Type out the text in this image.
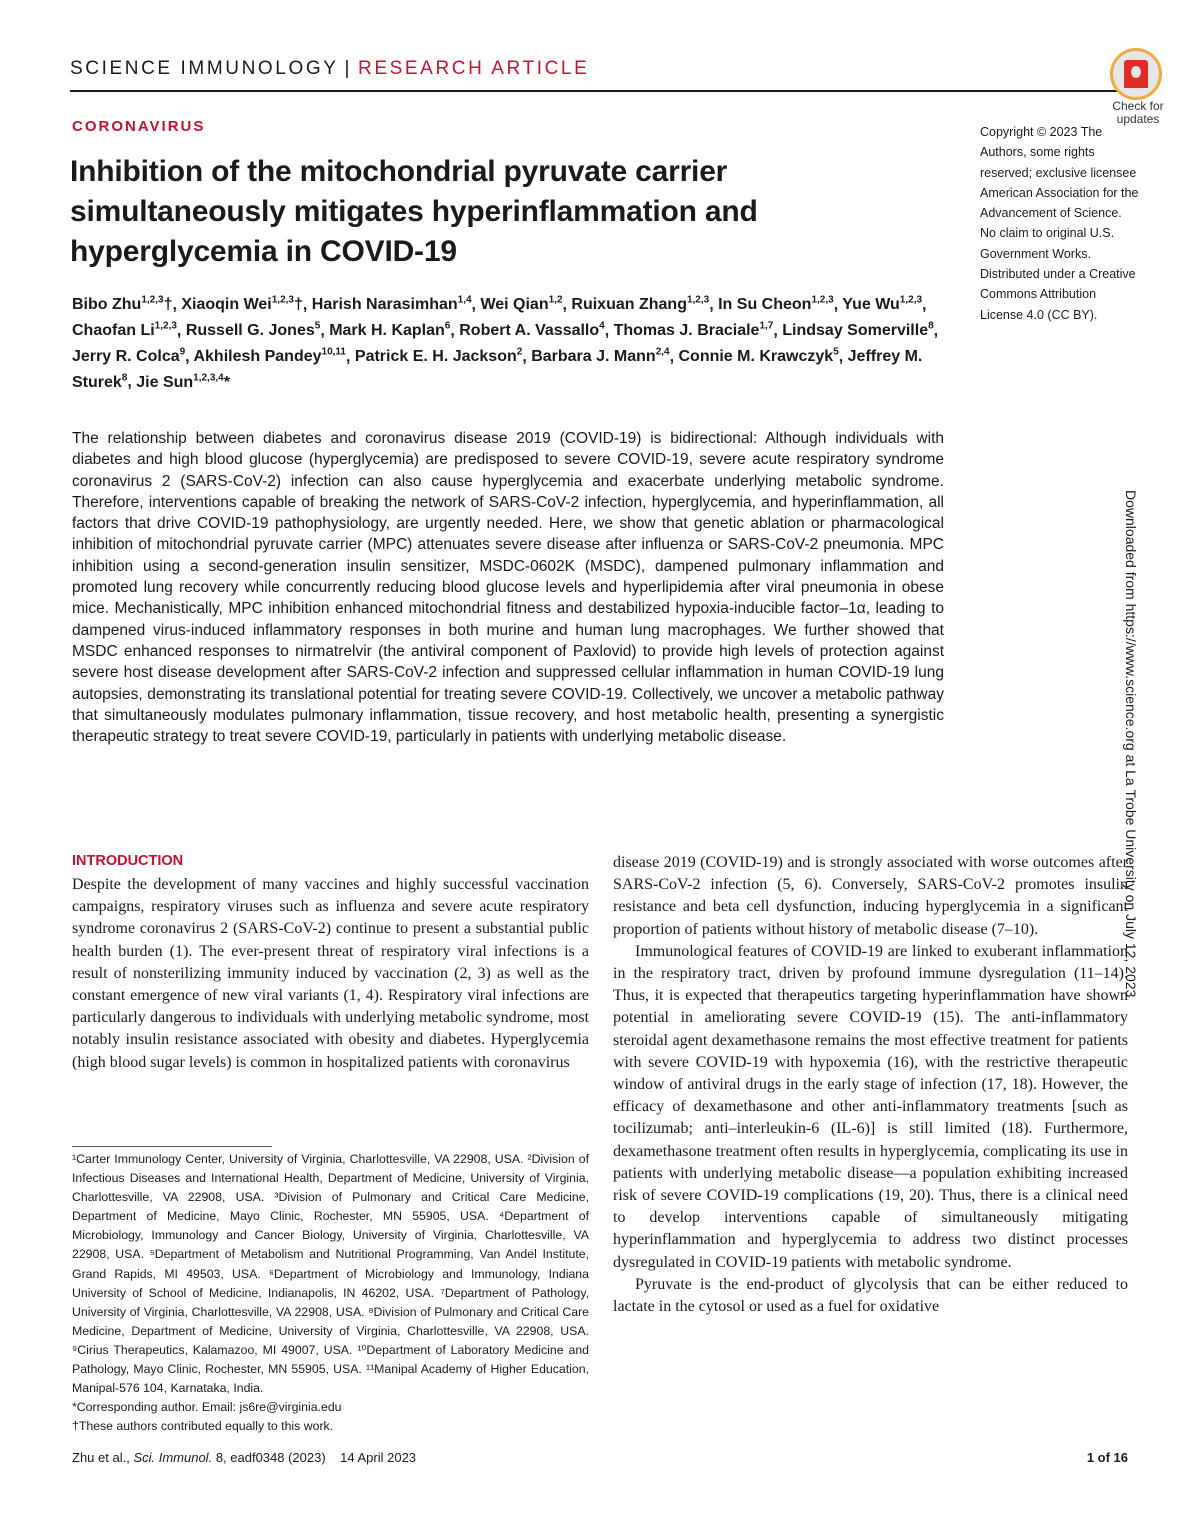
SCIENCE IMMUNOLOGY | RESEARCH ARTICLE
Check for
updates
CORONAVIRUS
Inhibition of the mitochondrial pyruvate carrier simultaneously mitigates hyperinflammation and hyperglycemia in COVID-19
Bibo Zhu$^{1,2,3}$†, Xiaoqin Wei$^{1,2,3}$†, Harish Narasimhan$^{1,4}$, Wei Qian$^{1,2}$, Ruixuan Zhang$^{1,2,3}$, In Su Cheon$^{1,2,3}$, Yue Wu$^{1,2,3}$, Chaofan Li$^{1,2,3}$, Russell G. Jones$^5$, Mark H. Kaplan$^6$, Robert A. Vassallo$^4$, Thomas J. Braciale$^{1,7}$, Lindsay Somerville$^8$, Jerry R. Colca$^9$, Akhilesh Pandey$^{10,11}$, Patrick E. H. Jackson$^2$, Barbara J. Mann$^{2,4}$, Connie M. Krawczyk$^5$, Jeffrey M. Sturek$^8$, Jie Sun$^{1,2,3,4}$*
Copyright © 2023 The Authors, some rights reserved; exclusive licensee American Association for the Advancement of Science. No claim to original U.S. Government Works. Distributed under a Creative Commons Attribution License 4.0 (CC BY).
The relationship between diabetes and coronavirus disease 2019 (COVID-19) is bidirectional: Although individuals with diabetes and high blood glucose (hyperglycemia) are predisposed to severe COVID-19, severe acute respiratory syndrome coronavirus 2 (SARS-CoV-2) infection can also cause hyperglycemia and exacerbate underlying metabolic syndrome. Therefore, interventions capable of breaking the network of SARS-CoV-2 infection, hyperglycemia, and hyperinflammation, all factors that drive COVID-19 pathophysiology, are urgently needed. Here, we show that genetic ablation or pharmacological inhibition of mitochondrial pyruvate carrier (MPC) attenuates severe disease after influenza or SARS-CoV-2 pneumonia. MPC inhibition using a second-generation insulin sensitizer, MSDC-0602K (MSDC), dampened pulmonary inflammation and promoted lung recovery while concurrently reducing blood glucose levels and hyperlipidemia after viral pneumonia in obese mice. Mechanistically, MPC inhibition enhanced mitochondrial fitness and destabilized hypoxia-inducible factor–1α, leading to dampened virus-induced inflammatory responses in both murine and human lung macrophages. We further showed that MSDC enhanced responses to nirmatrelvir (the antiviral component of Paxlovid) to provide high levels of protection against severe host disease development after SARS-CoV-2 infection and suppressed cellular inflammation in human COVID-19 lung autopsies, demonstrating its translational potential for treating severe COVID-19. Collectively, we uncover a metabolic pathway that simultaneously modulates pulmonary inflammation, tissue recovery, and host metabolic health, presenting a synergistic therapeutic strategy to treat severe COVID-19, particularly in patients with underlying metabolic disease.	Downloaded from https://www.science.org at La Trobe University on July 12, 2023
INTRODUCTION
Despite the development of many vaccines and highly successful vaccination campaigns, respiratory viruses such as influenza and severe acute respiratory syndrome coronavirus 2 (SARS-CoV-2) continue to present a substantial public health burden (1). The ever-present threat of respiratory viral infections is a result of nonsterilizing immunity induced by vaccination (2, 3) as well as the constant emergence of new viral variants (1, 4). Respiratory viral infections are particularly dangerous to individuals with underlying metabolic syndrome, most notably insulin resistance associated with obesity and diabetes. Hyperglycemia (high blood sugar levels) is common in hospitalized patients with coronavirus

¹Carter Immunology Center, University of Virginia, Charlottesville, VA 22908, USA. ²Division of Infectious Diseases and International Health, Department of Medicine, University of Virginia, Charlottesville, VA 22908, USA. ³Division of Pulmonary and Critical Care Medicine, Department of Medicine, Mayo Clinic, Rochester, MN 55905, USA. ⁴Department of Microbiology, Immunology and Cancer Biology, University of Virginia, Charlottesville, VA 22908, USA. ⁵Department of Metabolism and Nutritional Programming, Van Andel Institute, Grand Rapids, MI 49503, USA. ⁶Department of Microbiology and Immunology, Indiana University of School of Medicine, Indianapolis, IN 46202, USA. ⁷Department of Pathology, University of Virginia, Charlottesville, VA 22908, USA. ⁸Division of Pulmonary and Critical Care Medicine, Department of Medicine, University of Virginia, Charlottesville, VA 22908, USA. ⁹Cirius Therapeutics, Kalamazoo, MI 49007, USA. ¹⁰Department of Laboratory Medicine and Pathology, Mayo Clinic, Rochester, MN 55905, USA. ¹¹Manipal Academy of Higher Education, Manipal-576 104, Karnataka, India.

*Corresponding author. Email: js6re@virginia.edu

†These authors contributed equally to this work.

disease 2019 (COVID-19) and is strongly associated with worse outcomes after SARS-CoV-2 infection (5, 6). Conversely, SARS-CoV-2 promotes insulin resistance and beta cell dysfunction, inducing hyperglycemia in a significant proportion of patients without history of metabolic disease (7–10).

Immunological features of COVID-19 are linked to exuberant inflammation in the respiratory tract, driven by profound immune dysregulation (11–14). Thus, it is expected that therapeutics targeting hyperinflammation have shown potential in ameliorating severe COVID-19 (15). The anti-inflammatory steroidal agent dexamethasone remains the most effective treatment for patients with severe COVID-19 with hypoxemia (16), with the restrictive therapeutic window of antiviral drugs in the early stage of infection (17, 18). However, the efficacy of dexamethasone and other anti-inflammatory treatments [such as tocilizumab; anti–interleukin-6 (IL-6)] is still limited (18). Furthermore, dexamethasone treatment often results in hyperglycemia, complicating its use in patients with underlying metabolic disease—a population exhibiting increased risk of severe COVID-19 complications (19, 20). Thus, there is a clinical need to develop interventions capable of simultaneously mitigating hyperinflammation and hyperglycemia to address two distinct processes dysregulated in COVID-19 patients with metabolic syndrome.

Pyruvate is the end-product of glycolysis that can be either reduced to lactate in the cytosol or used as a fuel for oxidative

Zhu et al., Sci. Immunol. 8, eadf0348 (2023) 14 April 2023	1 of 16
